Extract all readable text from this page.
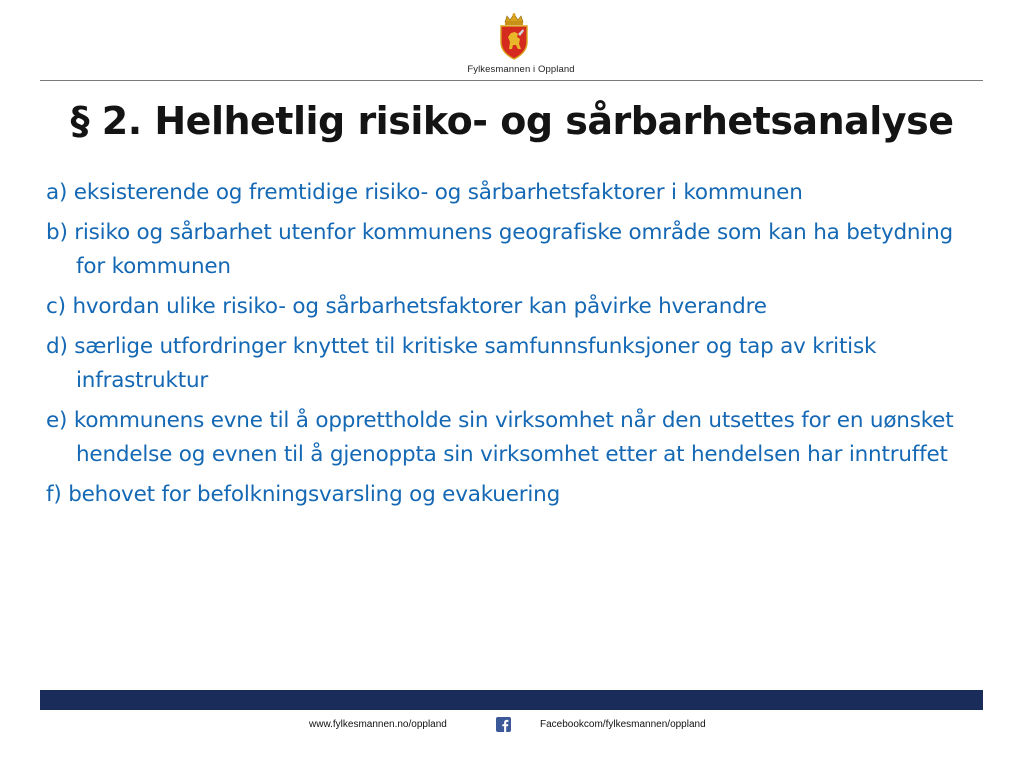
Fylkesmannen i Oppland
§ 2. Helhetlig risiko- og sårbarhetsanalyse
a) eksisterende og fremtidige risiko- og sårbarhetsfaktorer i kommunen
b) risiko og sårbarhet utenfor kommunens geografiske område som kan ha betydning for kommunen
c) hvordan ulike risiko- og sårbarhetsfaktorer kan påvirke hverandre
d) særlige utfordringer knyttet til kritiske samfunnsfunksjoner og tap av kritisk infrastruktur
e) kommunens evne til å opprettholde sin virksomhet når den utsettes for en uønsket hendelse og evnen til å gjenoppta sin virksomhet etter at hendelsen har inntruffet
f) behovet for befolkningsvarsling og evakuering
www.fylkesmannen.no/oppland	Facebookcom/fylkesmannen/oppland
